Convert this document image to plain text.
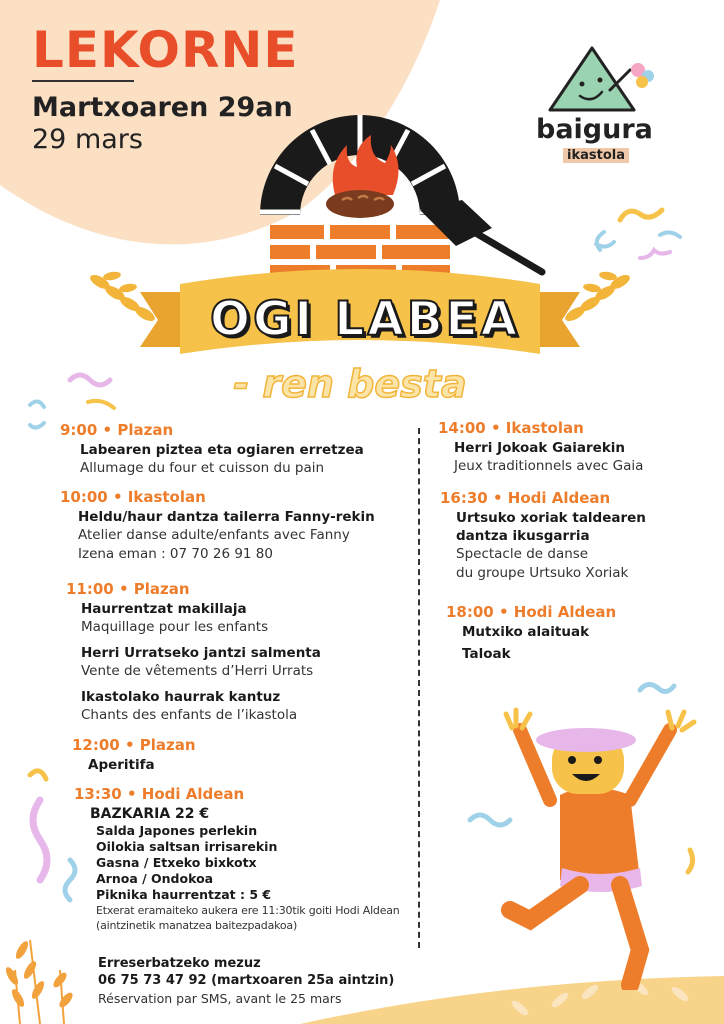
LEKORNE
Martxoaren 29an
29 mars	baigura
ikastola
OGI LABEA
- ren besta
9:00 • Plazan
Labearen piztea eta ogiaren erretzea
Allumage du four et cuisson du pain
10:00 • Ikastolan
Heldu/haur dantza tailerra Fanny-rekin
Atelier danse adulte/enfants avec Fanny
Izena eman : 07 70 26 91 80
11:00 • Plazan
Haurrentzat makillaja
Maquillage pour les enfants
Herri Urratseko jantzi salmenta
Vente de vêtements d’Herri Urrats
Ikastolako haurrak kantuz
Chants des enfants de l’ikastola
12:00 • Plazan
Aperitifa
13:30 • Hodi Aldean
BAZKARIA 22 €
Salda Japones perlekin
Oilokia saltsan irrisarekin
Gasna / Etxeko bixkotx
Arnoa / Ondokoa
Piknika haurrentzat : 5 €
Etxerat eramaiteko aukera ere 11:30tik goiti Hodi Aldean
(aintzinetik manatzea baitezpadakoa)
Erreserbatzeko mezuz
06 75 73 47 92 (martxoaren 25a aintzin)
Réservation par SMS, avant le 25 mars
14:00 • Ikastolan
Herri Jokoak Gaiarekin
Jeux traditionnels avec Gaia
16:30 • Hodi Aldean
Urtsuko xoriak taldearen
dantza ikusgarria
Spectacle de danse
du groupe Urtsuko Xoriak
18:00 • Hodi Aldean
Mutxiko alaituak
Taloak
